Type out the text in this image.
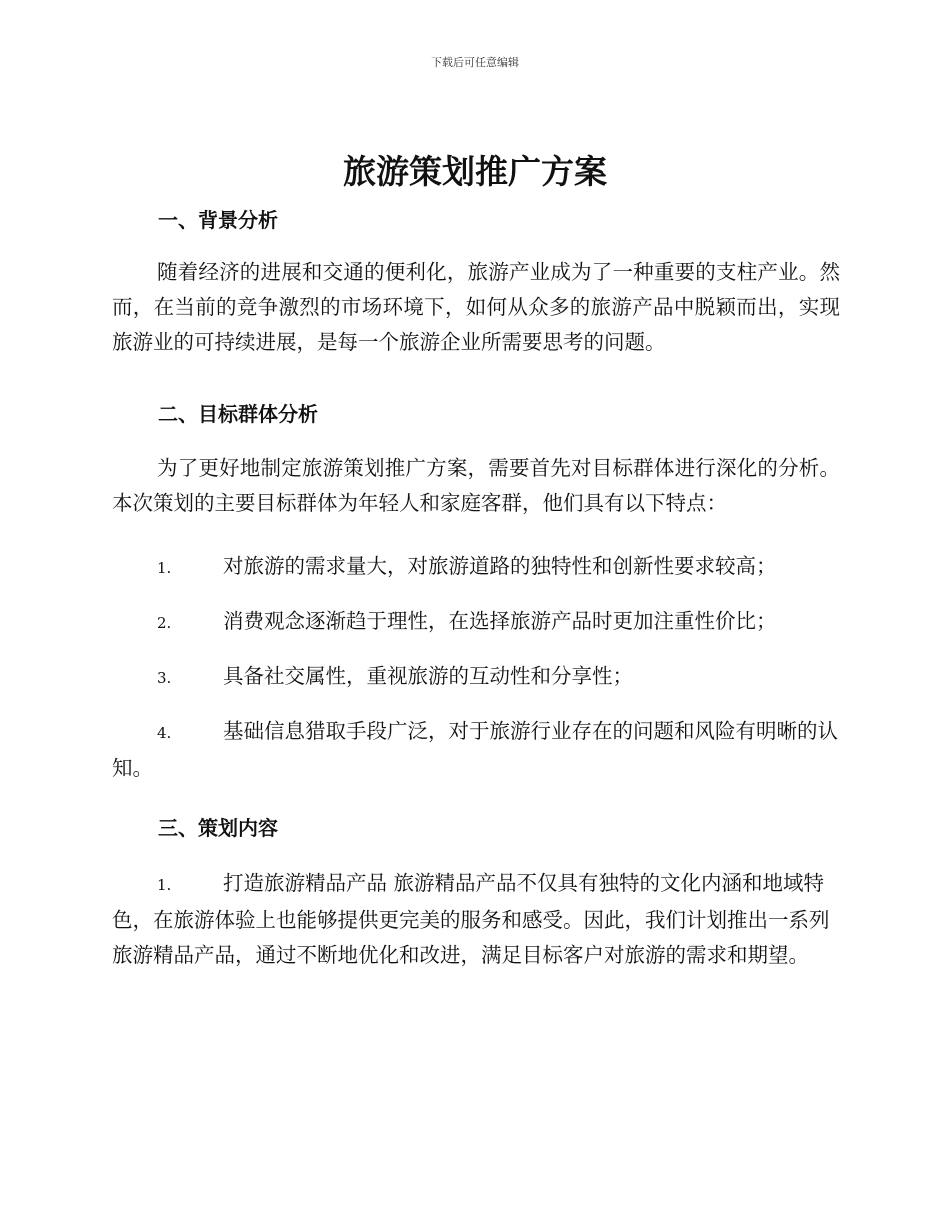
下载后可任意编辑
旅游策划推广方案
一、背景分析

随着经济的进展和交通的便利化，旅游产业成为了一种重要的支柱产业。然而，在当前的竞争激烈的市场环境下，如何从众多的旅游产品中脱颖而出，实现旅游业的可持续进展，是每一个旅游企业所需要思考的问题。

二、目标群体分析

为了更好地制定旅游策划推广方案，需要首先对目标群体进行深化的分析。本次策划的主要目标群体为年轻人和家庭客群，他们具有以下特点：

1.	对旅游的需求量大，对旅游道路的独特性和创新性要求较高；
2.	消费观念逐渐趋于理性，在选择旅游产品时更加注重性价比；
3.	具备社交属性，重视旅游的互动性和分享性；
4.	基础信息猎取手段广泛，对于旅游行业存在的问题和风险有明晰的认知。
三、策划内容
1.	打造旅游精品产品 旅游精品产品不仅具有独特的文化内涵和地域特色，在旅游体验上也能够提供更完美的服务和感受。因此，我们计划推出一系列旅游精品产品，通过不断地优化和改进，满足目标客户对旅游的需求和期望。
